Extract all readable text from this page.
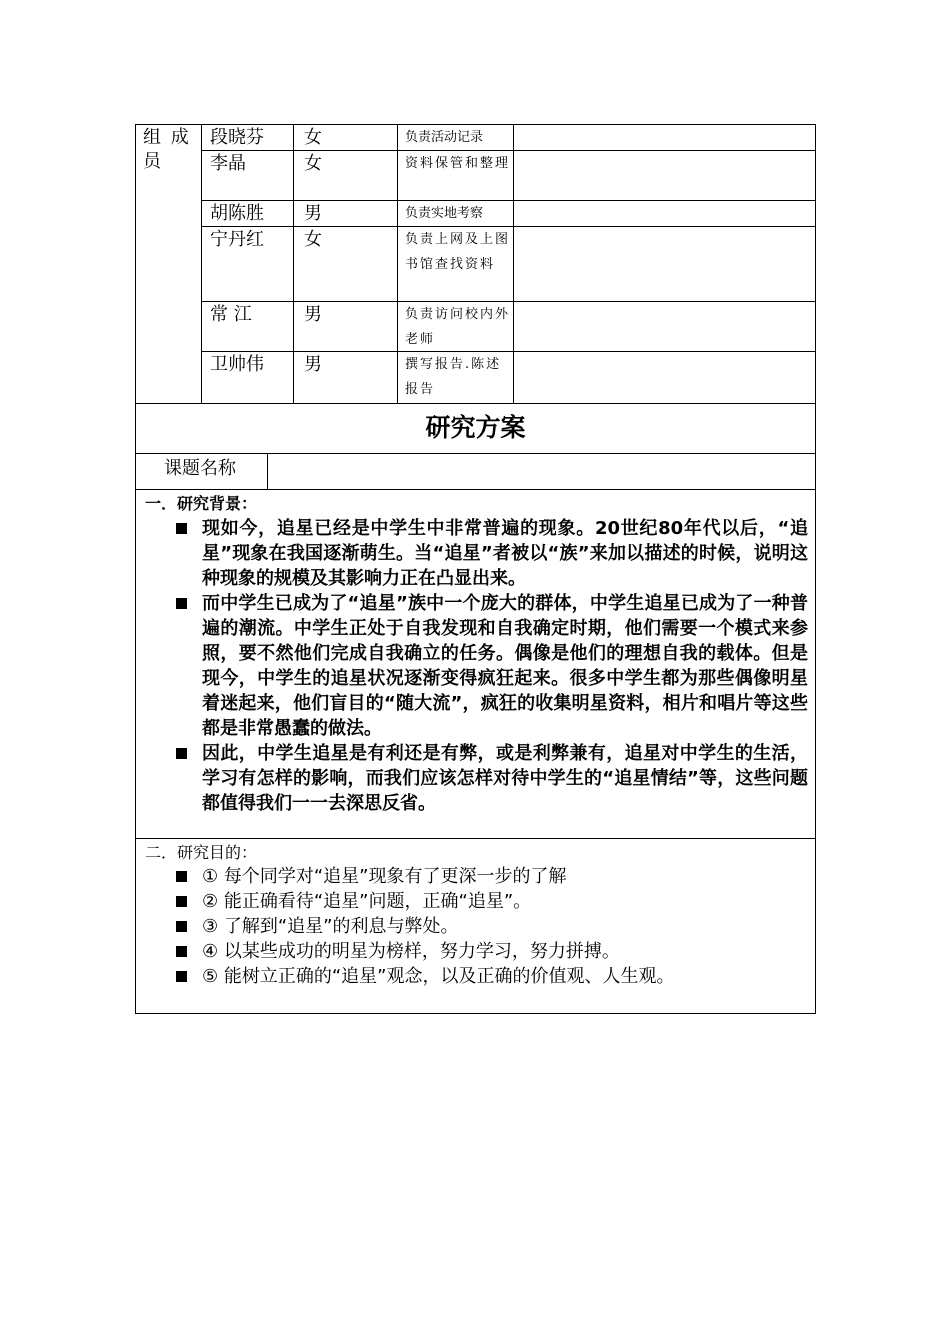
组 成 员
段晓芬	女	负责活动记录
李晶	女	资料保管和整理
胡陈胜	男	负责实地考察
宁丹红	女	负责上网及上图书馆查找资料
常 江	男	负责访问校内外老师
卫帅伟	男	撰写报告.陈述报告
研究方案
课题名称
一．研究背景：
现如今，追星已经是中学生中非常普遍的现象。20世纪80年代以后，“追星”现象在我国逐渐萌生。当“追星”者被以“族”来加以描述的时候，说明这种现象的规模及其影响力正在凸显出来。
而中学生已成为了“追星”族中一个庞大的群体，中学生追星已成为了一种普遍的潮流。中学生正处于自我发现和自我确定时期，他们需要一个模式来参照，要不然他们完成自我确立的任务。偶像是他们的理想自我的载体。但是现今，中学生的追星状况逐渐变得疯狂起来。很多中学生都为那些偶像明星着迷起来，他们盲目的“随大流”，疯狂的收集明星资料，相片和唱片等这些都是非常愚蠢的做法。
因此，中学生追星是有利还是有弊，或是利弊兼有，追星对中学生的生活，学习有怎样的影响，而我们应该怎样对待中学生的“追星情结”等，这些问题都值得我们一一去深思反省。
二．研究目的：
① 每个同学对“追星”现象有了更深一步的了解
② 能正确看待“追星”问题，正确“追星”。
③ 了解到“追星”的利息与弊处。
④ 以某些成功的明星为榜样，努力学习，努力拼搏。
⑤ 能树立正确的“追星”观念，以及正确的价值观、人生观。
